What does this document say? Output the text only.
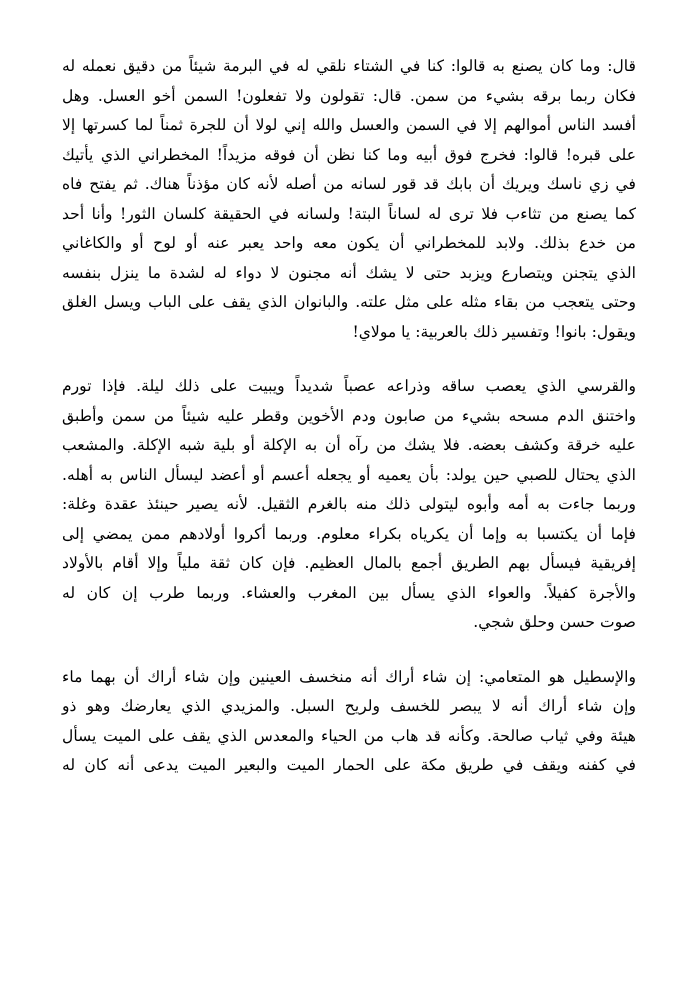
قال: وما كان يصنع به قالوا: كنا في الشتاء نلقي له في البرمة شيئاً من دقيق نعمله له
فكان ربما برقه بشيء من سمن. قال: تقولون ولا تفعلون! السمن أخو العسل. وهل
أفسد الناس أموالهم إلا في السمن والعسل والله إني لولا أن للجرة ثمناً لما كسرتها إلا
على قبره! قالوا: فخرج فوق أبيه وما كنا نظن أن فوقه مزيداً! المخطراني الذي يأتيك
في زي ناسك ويريك أن بابك قد قور لسانه من أصله لأنه كان مؤذناً هناك. ثم يفتح فاه
كما يصنع من تثاءب فلا ترى له لساناً البتة! ولسانه في الحقيقة كلسان الثور! وأنا أحد
من خدع بذلك. ولابد للمخطراني أن يكون معه واحد يعبر عنه أو لوح أو والكاغاني
الذي يتجنن ويتصارع ويزبد حتى لا يشك أنه مجنون لا دواء له لشدة ما ينزل بنفسه
وحتى يتعجب من بقاء مثله على مثل علته. والبانوان الذي يقف على الباب ويسل الغلق
ويقول: بانوا! وتفسير ذلك بالعربية: يا مولاي!

والقرسي الذي يعصب ساقه وذراعه عصباً شديداً ويبيت على ذلك ليلة. فإذا تورم
واختنق الدم مسحه بشيء من صابون ودم الأخوين وقطر عليه شيئاً من سمن وأطبق
عليه خرقة وكشف بعضه. فلا يشك من رآه أن به الإكلة أو بلية شبه الإكلة. والمشعب
الذي يحتال للصبي حين يولد: بأن يعميه أو يجعله أعسم أو أعضد ليسأل الناس به أهله.
وربما جاءت به أمه وأبوه ليتولى ذلك منه بالغرم الثقيل. لأنه يصير حينئذ عقدة وغلة:
فإما أن يكتسبا به وإما أن يكرياه بكراء معلوم. وربما أكروا أولادهم ممن يمضي إلى
إفريقية فيسأل بهم الطريق أجمع بالمال العظيم. فإن كان ثقة ملياً وإلا أقام بالأولاد
والأجرة كفيلاً. والعواء الذي يسأل بين المغرب والعشاء. وربما طرب إن كان له
صوت حسن وحلق شجي.

والإسطيل هو المتعامي: إن شاء أراك أنه منخسف العينين وإن شاء أراك أن بهما ماء
وإن شاء أراك أنه لا يبصر للخسف ولريح السبل. والمزيدي الذي يعارضك وهو ذو
هيئة وفي ثياب صالحة. وكأنه قد هاب من الحياء والمعدس الذي يقف على الميت يسأل
في كفنه ويقف في طريق مكة على الحمار الميت والبعير الميت يدعى أنه كان له
